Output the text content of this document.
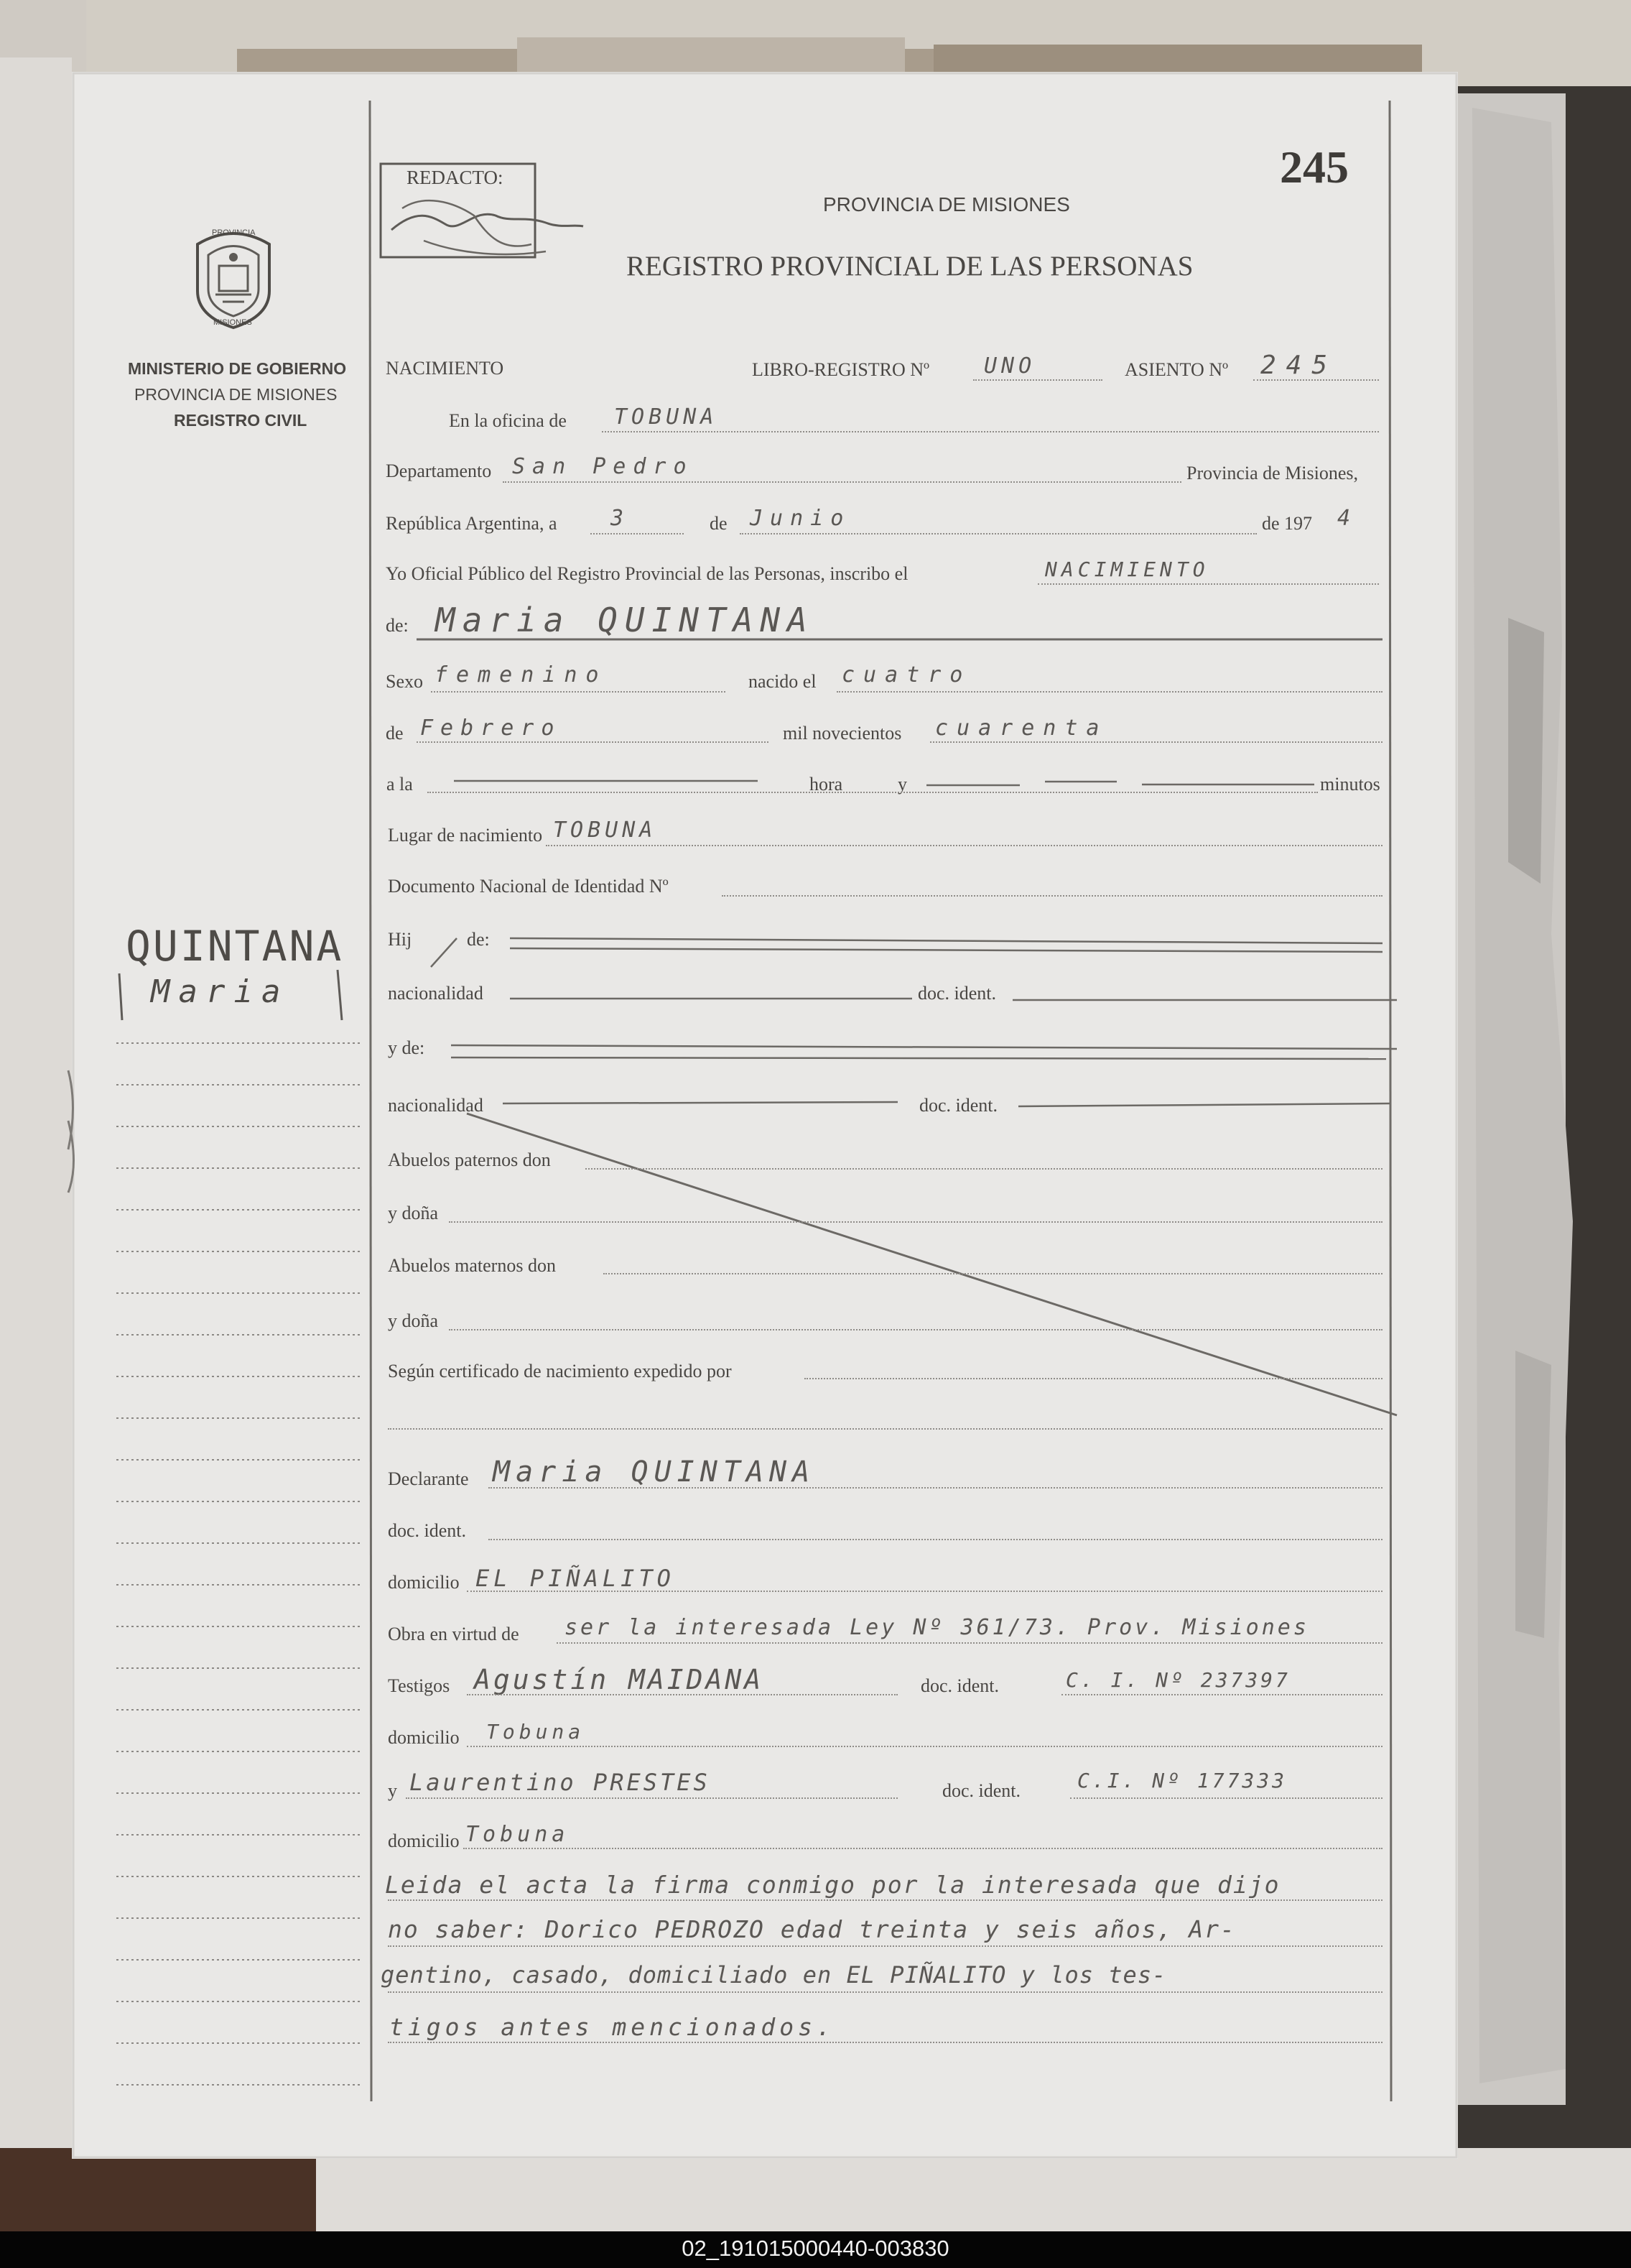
PROVINCIA
MISIONES
MINISTERIO DE GOBIERNO
PROVINCIA DE MISIONES
REGISTRO CIVIL
QUINTANA
Maria
245
REDACTO:
PROVINCIA DE MISIONES
REGISTRO PROVINCIAL DE LAS PERSONAS
NACIMIENTO	LIBRO-REGISTRO Nº	UNO	ASIENTO Nº 245
En la oficina de TOBUNA
Departamento San Pedro	Provincia de Misiones,
República Argentina, a 3	de Junio	de 197 4
Yo Oficial Público del Registro Provincial de las Personas, inscribo el	NACIMIENTO
de: Maria QUINTANA
Sexo femenino	nacido el cuatro
de Febrero	mil novecientos cuarenta
a la	hora	y	minutos
Lugar de nacimiento TOBUNA
Documento Nacional de Identidad Nº
Hij	de:
nacionalidad	doc. ident.
y de:
nacionalidad	doc. ident.
Abuelos paternos don
y doña
Abuelos maternos don
y doña
Según certificado de nacimiento expedido por
Declarante Maria QUINTANA
doc. ident.
domicilio EL PIÑALITO
Obra en virtud de ser la interesada Ley Nº 361/73. Prov. Misiones
Testigos Agustín MAIDANA	doc. ident.	C. I. Nº 237397
domicilio Tobuna
y Laurentino PRESTES	doc. ident.	C.I. Nº 177333
domicilio Tobuna
Leida el acta la firma conmigo por la interesada que dijo
no saber: Dorico PEDROZO edad treinta y seis años, Ar-
gentino, casado, domiciliado en EL PIÑALITO y los tes-
tigos antes mencionados.
02_191015000440-003830
